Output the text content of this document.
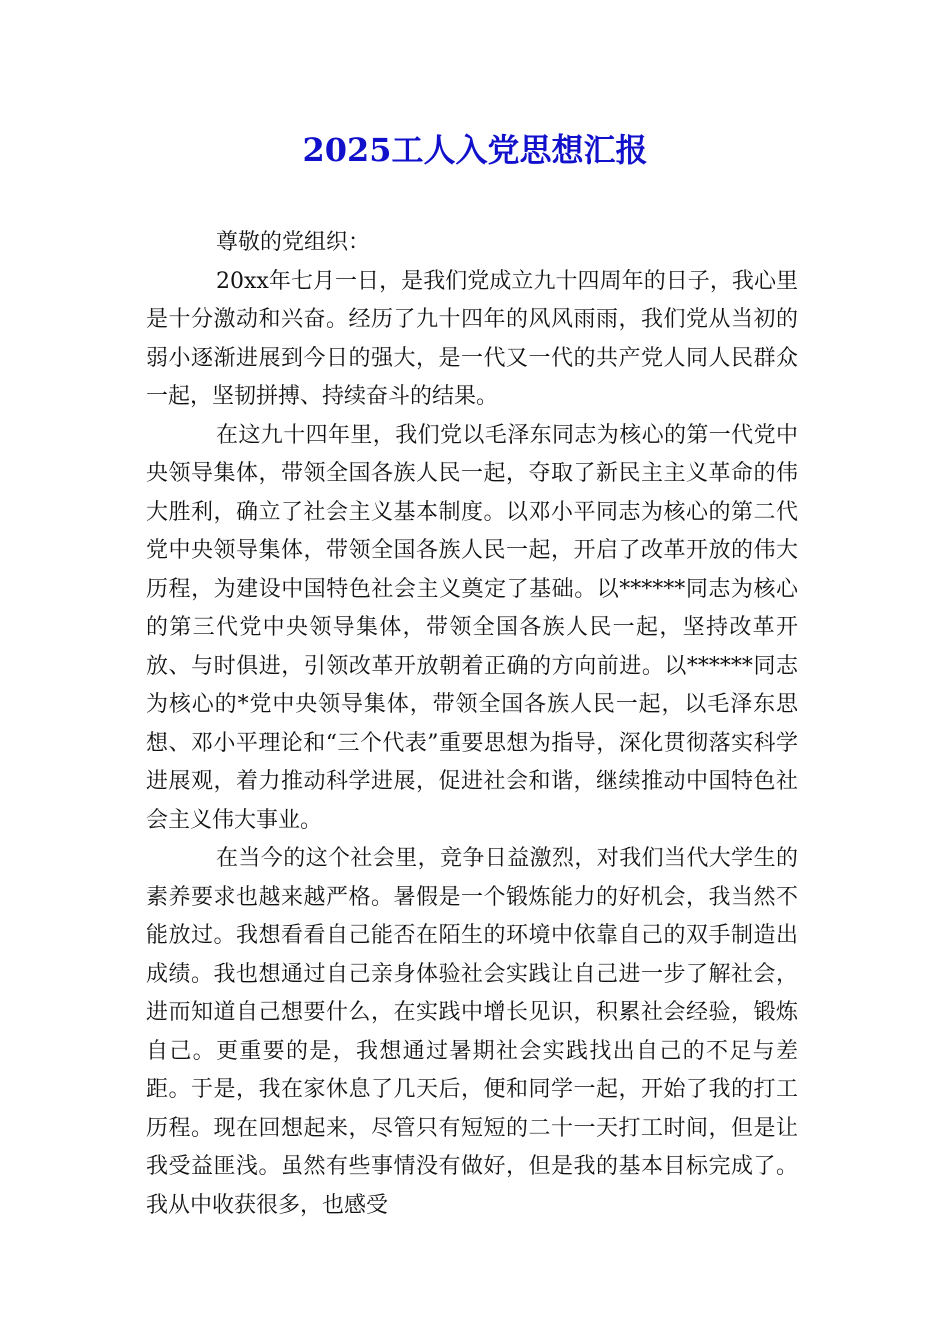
2025工人入党思想汇报

尊敬的党组织：

20xx年七月一日，是我们党成立九十四周年的日子，我心里是十分激动和兴奋。经历了九十四年的风风雨雨，我们党从当初的弱小逐渐进展到今日的强大，是一代又一代的共产党人同人民群众一起，坚韧拼搏、持续奋斗的结果。

在这九十四年里，我们党以毛泽东同志为核心的第一代党中央领导集体，带领全国各族人民一起，夺取了新民主主义革命的伟大胜利，确立了社会主义基本制度。以邓小平同志为核心的第二代党中央领导集体，带领全国各族人民一起，开启了改革开放的伟大历程，为建设中国特色社会主义奠定了基础。以******同志为核心的第三代党中央领导集体，带领全国各族人民一起，坚持改革开放、与时俱进，引领改革开放朝着正确的方向前进。以******同志为核心的*党中央领导集体，带领全国各族人民一起，以毛泽东思想、邓小平理论和“三个代表”重要思想为指导，深化贯彻落实科学进展观，着力推动科学进展，促进社会和谐，继续推动中国特色社会主义伟大事业。

在当今的这个社会里，竞争日益激烈，对我们当代大学生的素养要求也越来越严格。暑假是一个锻炼能力的好机会，我当然不能放过。我想看看自己能否在陌生的环境中依靠自己的双手制造出成绩。我也想通过自己亲身体验社会实践让自己进一步了解社会，进而知道自己想要什么，在实践中增长见识，积累社会经验，锻炼自己。更重要的是，我想通过暑期社会实践找出自己的不足与差距。于是，我在家休息了几天后，便和同学一起，开始了我的打工历程。现在回想起来，尽管只有短短的二十一天打工时间，但是让我受益匪浅。虽然有些事情没有做好，但是我的基本目标完成了。我从中收获很多，也感受
